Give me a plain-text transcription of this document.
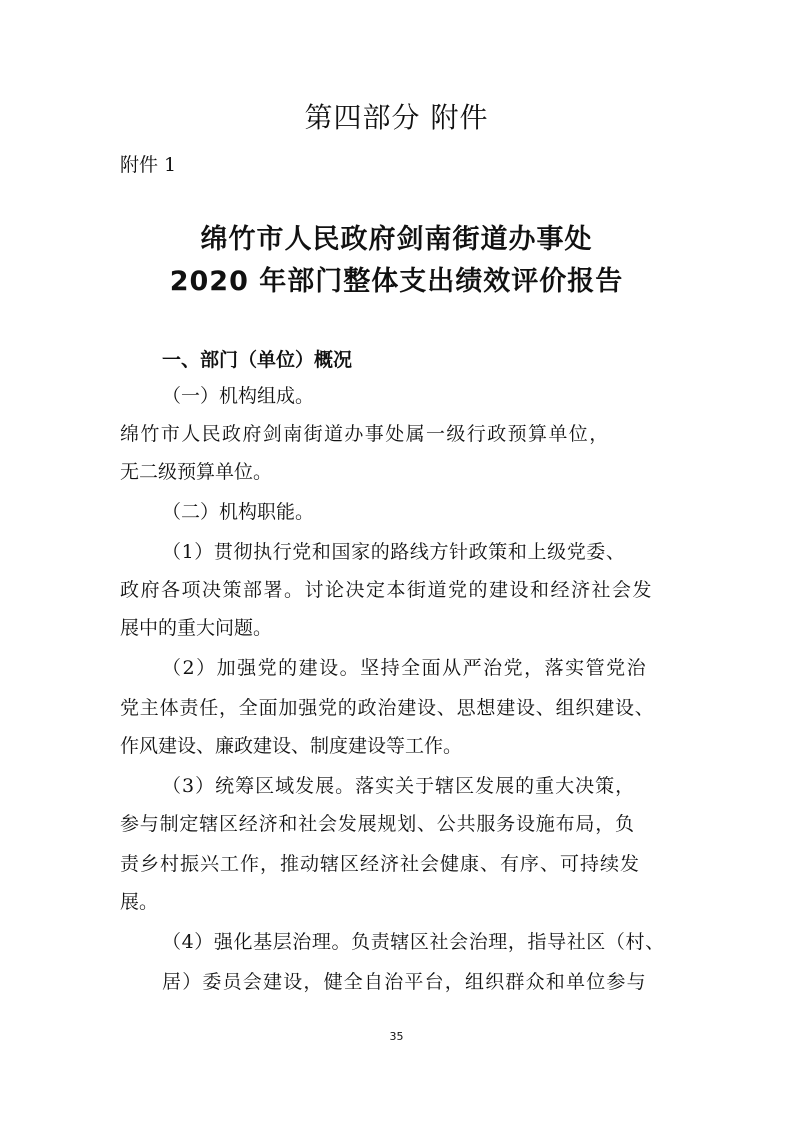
第四部分 附件
附件 1
绵竹市人民政府剑南街道办事处
2020 年部门整体支出绩效评价报告
一、部门（单位）概况
（一）机构组成。
绵竹市人民政府剑南街道办事处属一级行政预算单位，
无二级预算单位。
（二）机构职能。
（1）贯彻执行党和国家的路线方针政策和上级党委、
政府各项决策部署。讨论决定本街道党的建设和经济社会发
展中的重大问题。
（2）加强党的建设。坚持全面从严治党，落实管党治
党主体责任，全面加强党的政治建设、思想建设、组织建设、
作风建设、廉政建设、制度建设等工作。
（3）统筹区域发展。落实关于辖区发展的重大决策，
参与制定辖区经济和社会发展规划、公共服务设施布局，负
责乡村振兴工作，推动辖区经济社会健康、有序、可持续发
展。
（4）强化基层治理。负责辖区社会治理，指导社区（村、
居）委员会建设，健全自治平台，组织群众和单位参与
35
